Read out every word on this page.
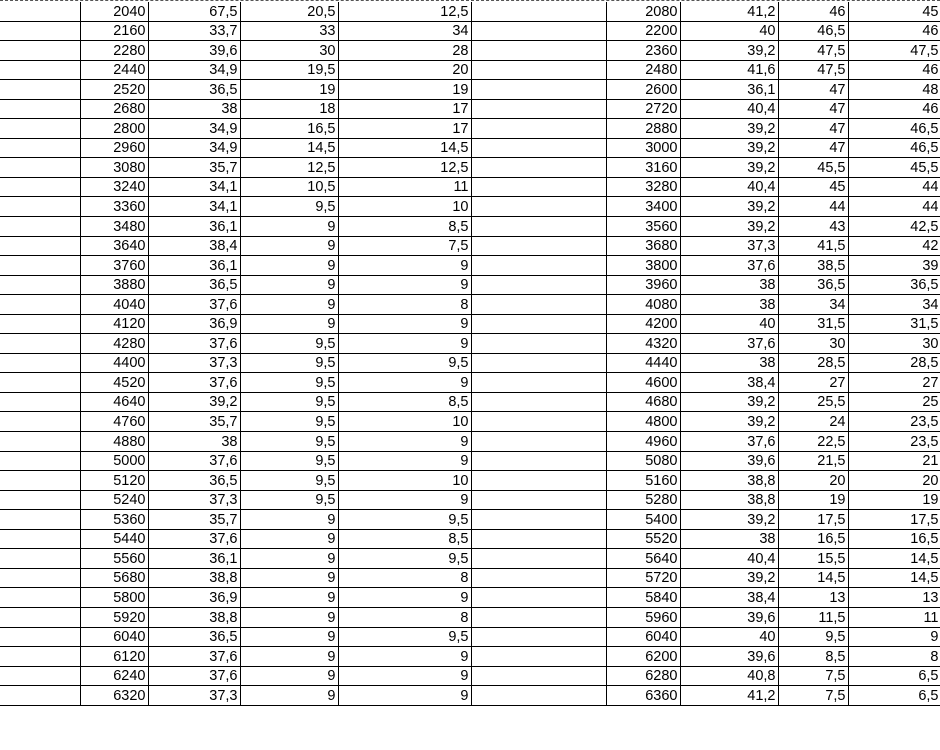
	2040	67,5	20,5	12,5		2080	41,2	46	45
	2160	33,7	33	34		2200	40	46,5	46
	2280	39,6	30	28		2360	39,2	47,5	47,5
	2440	34,9	19,5	20		2480	41,6	47,5	46
	2520	36,5	19	19		2600	36,1	47	48
	2680	38	18	17		2720	40,4	47	46
	2800	34,9	16,5	17		2880	39,2	47	46,5
	2960	34,9	14,5	14,5		3000	39,2	47	46,5
	3080	35,7	12,5	12,5		3160	39,2	45,5	45,5
	3240	34,1	10,5	11		3280	40,4	45	44
	3360	34,1	9,5	10		3400	39,2	44	44
	3480	36,1	9	8,5		3560	39,2	43	42,5
	3640	38,4	9	7,5		3680	37,3	41,5	42
	3760	36,1	9	9		3800	37,6	38,5	39
	3880	36,5	9	9		3960	38	36,5	36,5
	4040	37,6	9	8		4080	38	34	34
	4120	36,9	9	9		4200	40	31,5	31,5
	4280	37,6	9,5	9		4320	37,6	30	30
	4400	37,3	9,5	9,5		4440	38	28,5	28,5
	4520	37,6	9,5	9		4600	38,4	27	27
	4640	39,2	9,5	8,5		4680	39,2	25,5	25
	4760	35,7	9,5	10		4800	39,2	24	23,5
	4880	38	9,5	9		4960	37,6	22,5	23,5
	5000	37,6	9,5	9		5080	39,6	21,5	21
	5120	36,5	9,5	10		5160	38,8	20	20
	5240	37,3	9,5	9		5280	38,8	19	19
	5360	35,7	9	9,5		5400	39,2	17,5	17,5
	5440	37,6	9	8,5		5520	38	16,5	16,5
	5560	36,1	9	9,5		5640	40,4	15,5	14,5
	5680	38,8	9	8		5720	39,2	14,5	14,5
	5800	36,9	9	9		5840	38,4	13	13
	5920	38,8	9	8		5960	39,6	11,5	11
	6040	36,5	9	9,5		6040	40	9,5	9
	6120	37,6	9	9		6200	39,6	8,5	8
	6240	37,6	9	9		6280	40,8	7,5	6,5
	6320	37,3	9	9		6360	41,2	7,5	6,5
